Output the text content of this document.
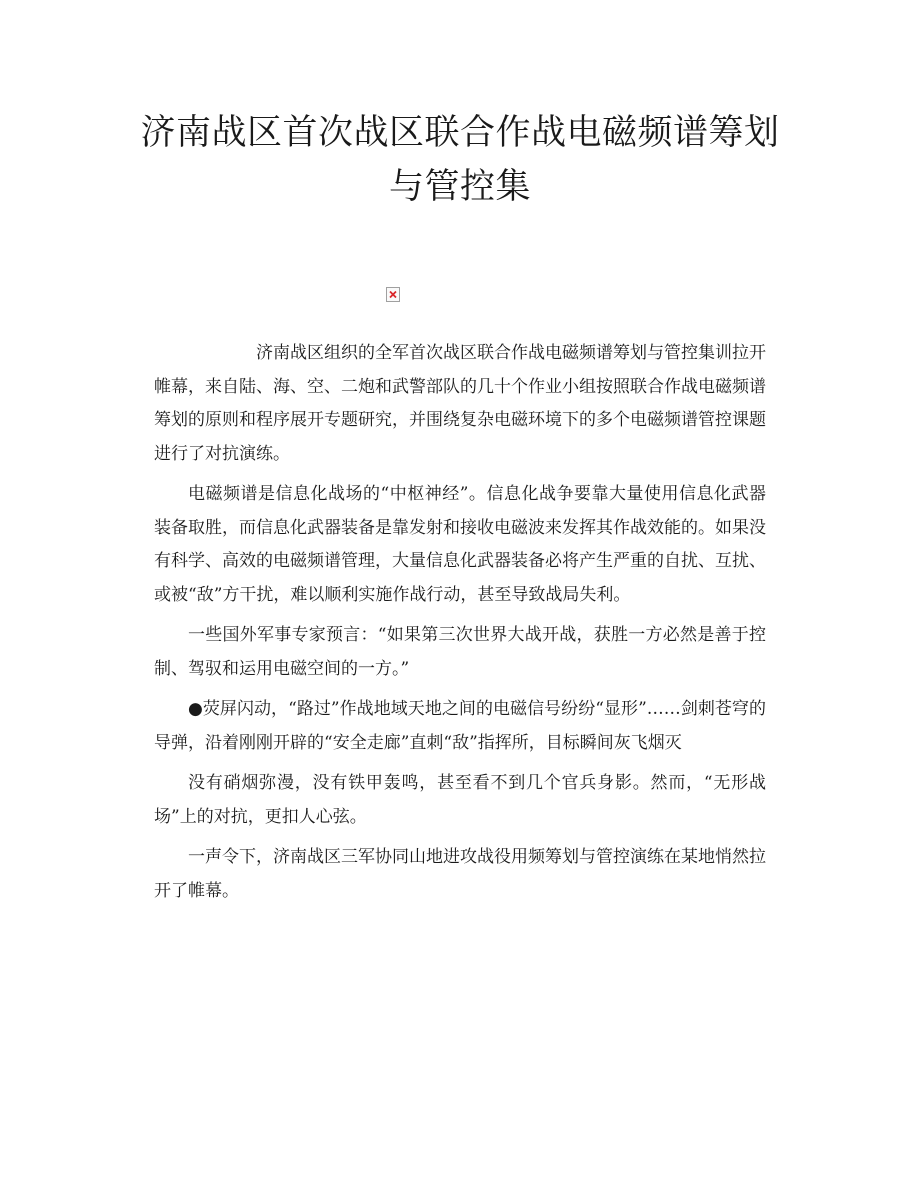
济南战区首次战区联合作战电磁频谱筹划与管控集

济南战区组织的全军首次战区联合作战电磁频谱筹划与管控集训拉开帷幕，来自陆、海、空、二炮和武警部队的几十个作业小组按照联合作战电磁频谱筹划的原则和程序展开专题研究，并围绕复杂电磁环境下的多个电磁频谱管控课题进行了对抗演练。

电磁频谱是信息化战场的“中枢神经”。信息化战争要靠大量使用信息化武器装备取胜，而信息化武器装备是靠发射和接收电磁波来发挥其作战效能的。如果没有科学、高效的电磁频谱管理，大量信息化武器装备必将产生严重的自扰、互扰、或被“敌”方干扰，难以顺利实施作战行动，甚至导致战局失利。

一些国外军事专家预言：“如果第三次世界大战开战，获胜一方必然是善于控制、驾驭和运用电磁空间的一方。”

●荧屏闪动，“路过”作战地域天地之间的电磁信号纷纷“显形”……剑刺苍穹的导弹，沿着刚刚开辟的“安全走廊”直刺“敌”指挥所，目标瞬间灰飞烟灭

没有硝烟弥漫，没有铁甲轰鸣，甚至看不到几个官兵身影。然而，“无形战场”上的对抗，更扣人心弦。

一声令下，济南战区三军协同山地进攻战役用频筹划与管控演练在某地悄然拉开了帷幕。
